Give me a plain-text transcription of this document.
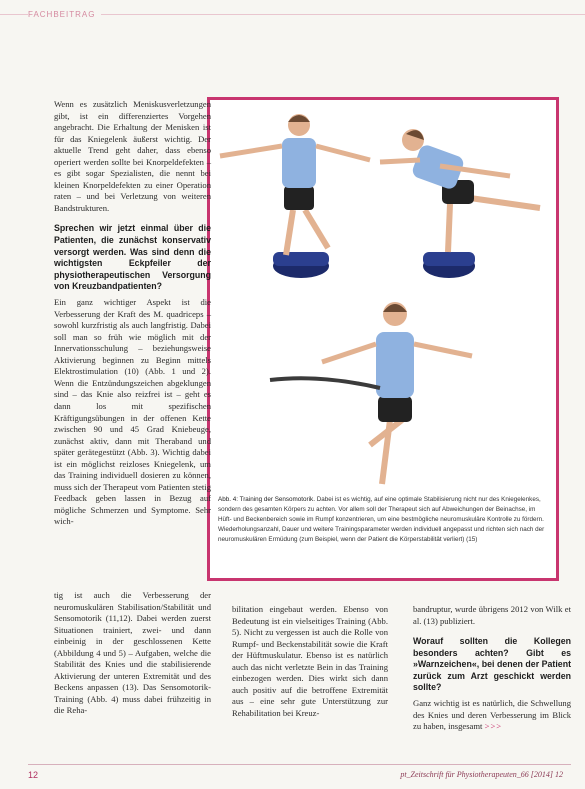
FACHBEITRAG
Abb. 4: Training der Sensomotorik. Dabei ist es wichtig, auf eine optimale Stabilisierung nicht nur des Kniegelenkes, sondern des gesamten Körpers zu achten. Vor allem soll der Therapeut sich auf Abweichungen der Beinachse, im Hüft- und Beckenbereich sowie im Rumpf konzentrieren, um eine bestmögliche neuromuskuläre Kontrolle zu fördern. Wiederholungsanzahl, Dauer und weitere Trainingsparameter werden individuell angepasst und richten sich nach der neuromuskulären Ermüdung (zum Beispiel, wenn der Patient die Körperstabilität verliert) (15)

Wenn es zusätzlich Meniskusverletzungen gibt, ist ein differenziertes Vorgehen angebracht. Die Erhaltung der Menisken ist für das Kniegelenk äußerst wichtig. Der aktuelle Trend geht daher, dass ebenso operiert werden sollte bei Knorpeldefekten – es gibt sogar Spezialisten, die nennt bei kleinen Knorpeldefekten zu einer Operation raten – und bei Verletzung von weiteren Bandstrukturen.

Sprechen wir jetzt einmal über die Patienten, die zunächst konservativ versorgt werden. Was sind denn die wichtigsten Eckpfeiler der physiotherapeutischen Versorgung von Kreuzbandpatienten?

Ein ganz wichtiger Aspekt ist die Verbesserung der Kraft des M. quadriceps – sowohl kurzfristig als auch langfristig. Dabei soll man so früh wie möglich mit der Innervationsschulung – beziehungsweise Aktivierung beginnen zu Beginn mittels Elektrostimulation (10) (Abb. 1 und 2). Wenn die Entzündungszeichen abgeklungen sind – das Knie also reizfrei ist – geht es dann los mit spezifischen Kräftigungsübungen in der offenen Kette zwischen 90 und 45 Grad Kniebeuge, zunächst aktiv, dann mit Theraband und später gerätegestützt (Abb. 3). Wichtig dabei ist ein möglichst reizloses Kniegelenk, um das Training individuell dosieren zu können, muss sich der Therapeut vom Patienten stetig Feedback geben lassen in Bezug auf mögliche Schmerzen und Symptome. Sehr wich-

tig ist auch die Verbesserung der neuromuskulären Stabilisation/Stabilität und Sensomotorik (11,12). Dabei werden zuerst Situationen trainiert, zwei- und dann einbeinig in der geschlossenen Kette (Abbildung 4 und 5) – Aufgaben, welche die Stabilität des Knies und die stabilisierende Aktivierung der unteren Extremität und des Beckens anpassen (13). Das Sensomotorik-Training (Abb. 4) muss dabei frühzeitig in die Reha-

bilitation eingebaut werden. Ebenso von Bedeutung ist ein vielseitiges Training (Abb. 5). Nicht zu vergessen ist auch die Rolle von Rumpf- und Beckenstabilität sowie die Kraft der Hüftmuskulatur. Ebenso ist es natürlich auch das nicht verletzte Bein in das Training einbezogen werden. Dies wirkt sich dann auch positiv auf die betroffene Extremität aus – eine sehr gute Unterstützung zur Rehabilitation bei Kreuz-

bandruptur, wurde übrigens 2012 von Wilk et al. (13) publiziert.

Worauf sollten die Kollegen besonders achten? Gibt es »Warnzeichen«, bei denen der Patient zurück zum Arzt geschickt werden sollte?

Ganz wichtig ist es natürlich, die Schwellung des Knies und deren Verbesserung im Blick zu haben, insgesamt >>>

12	pt_Zeitschrift für Physiotherapeuten_66 [2014] 12
